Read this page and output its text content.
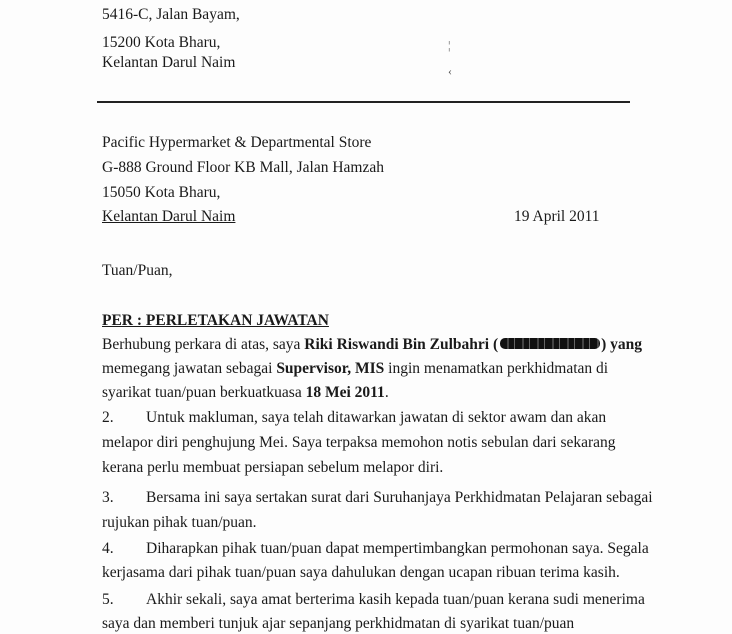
5416-C, Jalan Bayam,
15200 Kota Bharu,
Kelantan Darul Naim
¦
‹
Pacific Hypermarket & Departmental Store
G-888 Ground Floor KB Mall, Jalan Hamzah
15050 Kota Bharu,
Kelantan Darul Naim	19 April 2011
Tuan/Puan,
PER : PERLETAKAN JAWATAN
Berhubung perkara di atas, saya Riki Riswandi Bin Zulbahri (	) yang
memegang jawatan sebagai Supervisor, MIS ingin menamatkan perkhidmatan di
syarikat tuan/puan berkuatkuasa 18 Mei 2011.
2. Untuk makluman, saya telah ditawarkan jawatan di sektor awam dan akan
melapor diri penghujung Mei. Saya terpaksa memohon notis sebulan dari sekarang
kerana perlu membuat persiapan sebelum melapor diri.
3. Bersama ini saya sertakan surat dari Suruhanjaya Perkhidmatan Pelajaran sebagai
rujukan pihak tuan/puan.
4. Diharapkan pihak tuan/puan dapat mempertimbangkan permohonan saya. Segala
kerjasama dari pihak tuan/puan saya dahulukan dengan ucapan ribuan terima kasih.
5. Akhir sekali, saya amat berterima kasih kepada tuan/puan kerana sudi menerima
saya dan memberi tunjuk ajar sepanjang perkhidmatan di syarikat tuan/puan
